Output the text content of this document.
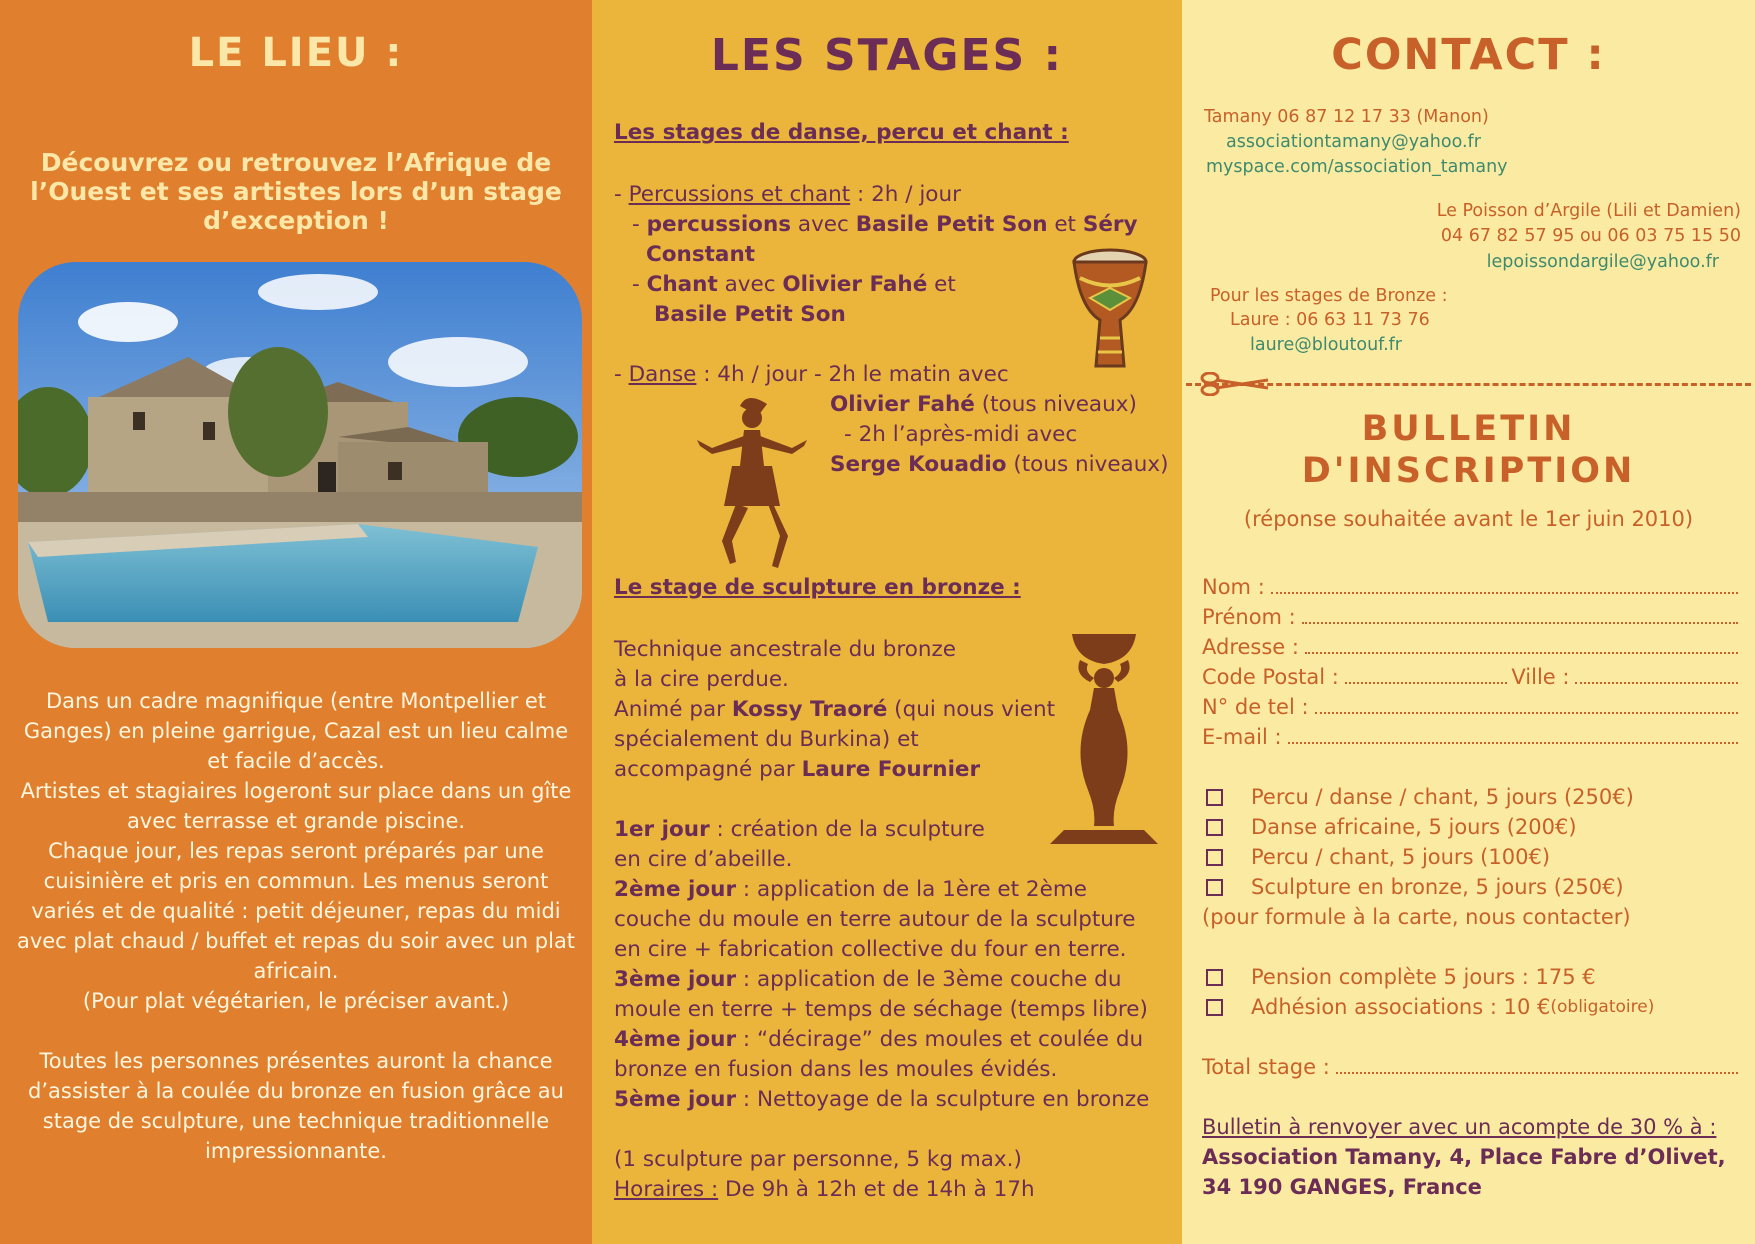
LE LIEU :
Découvrez ou retrouvez l’Afrique de l’Ouest et ses artistes lors d’un stage d’exception !

Dans un cadre magnifique (entre Montpellier et Ganges) en pleine garrigue, Cazal est un lieu calme et facile d’accès.

Artistes et stagiaires logeront sur place dans un gîte avec terrasse et grande piscine.

Chaque jour, les repas seront préparés par une cuisinière et pris en commun. Les menus seront variés et de qualité : petit déjeuner, repas du midi avec plat chaud / buffet et repas du soir avec un plat africain.

(Pour plat végétarien, le préciser avant.)

Toutes les personnes présentes auront la chance d’assister à la coulée du bronze en fusion grâce au stage de sculpture, une technique traditionnelle impressionnante.

LES STAGES :
Les stages de danse, percu et chant :
- Percussions et chant : 2h / jour
- percussions avec Basile Petit Son et Séry
Constant
- Chant avec Olivier Fahé et
Basile Petit Son
- Danse : 4h / jour - 2h le matin avec
Olivier Fahé (tous niveaux)
- 2h l’après-midi avec
Serge Kouadio (tous niveaux)
Le stage de sculpture en bronze :
Technique ancestrale du bronze
à la cire perdue.
Animé par Kossy Traoré (qui nous vient
spécialement du Burkina) et
accompagné par Laure Fournier
1er jour : création de la sculpture
en cire d’abeille.
2ème jour : application de la 1ère et 2ème
couche du moule en terre autour de la sculpture
en cire + fabrication collective du four en terre.
3ème jour : application de le 3ème couche du
moule en terre + temps de séchage (temps libre)
4ème jour : “décirage” des moules et coulée du
bronze en fusion dans les moules évidés.
5ème jour : Nettoyage de la sculpture en bronze
(1 sculpture par personne, 5 kg max.)
Horaires : De 9h à 12h et de 14h à 17h
CONTACT :
Tamany 06 87 12 17 33 (Manon)
associationtamany@yahoo.fr
myspace.com/association_tamany
Le Poisson d’Argile (Lili et Damien)
04 67 82 57 95 ou 06 03 75 15 50
lepoissondargile@yahoo.fr
Pour les stages de Bronze :
Laure : 06 63 11 73 76
laure@bloutouf.fr
BULLETIN
D'INSCRIPTION
(réponse souhaitée avant le 1er juin 2010)
Nom :
Prénom :
Adresse :
Code Postal :	Ville :
N° de tel :
E-mail :
Percu / danse / chant, 5 jours (250€)
Danse africaine, 5 jours (200€)
Percu / chant, 5 jours (100€)
Sculpture en bronze, 5 jours (250€)
(pour formule à la carte, nous contacter)
Pension complète 5 jours : 175 €
Adhésion associations : 10 € (obligatoire)
Total stage :
Bulletin à renvoyer avec un acompte de 30 % à :
Association Tamany, 4, Place Fabre d’Olivet,
34 190 GANGES, France
